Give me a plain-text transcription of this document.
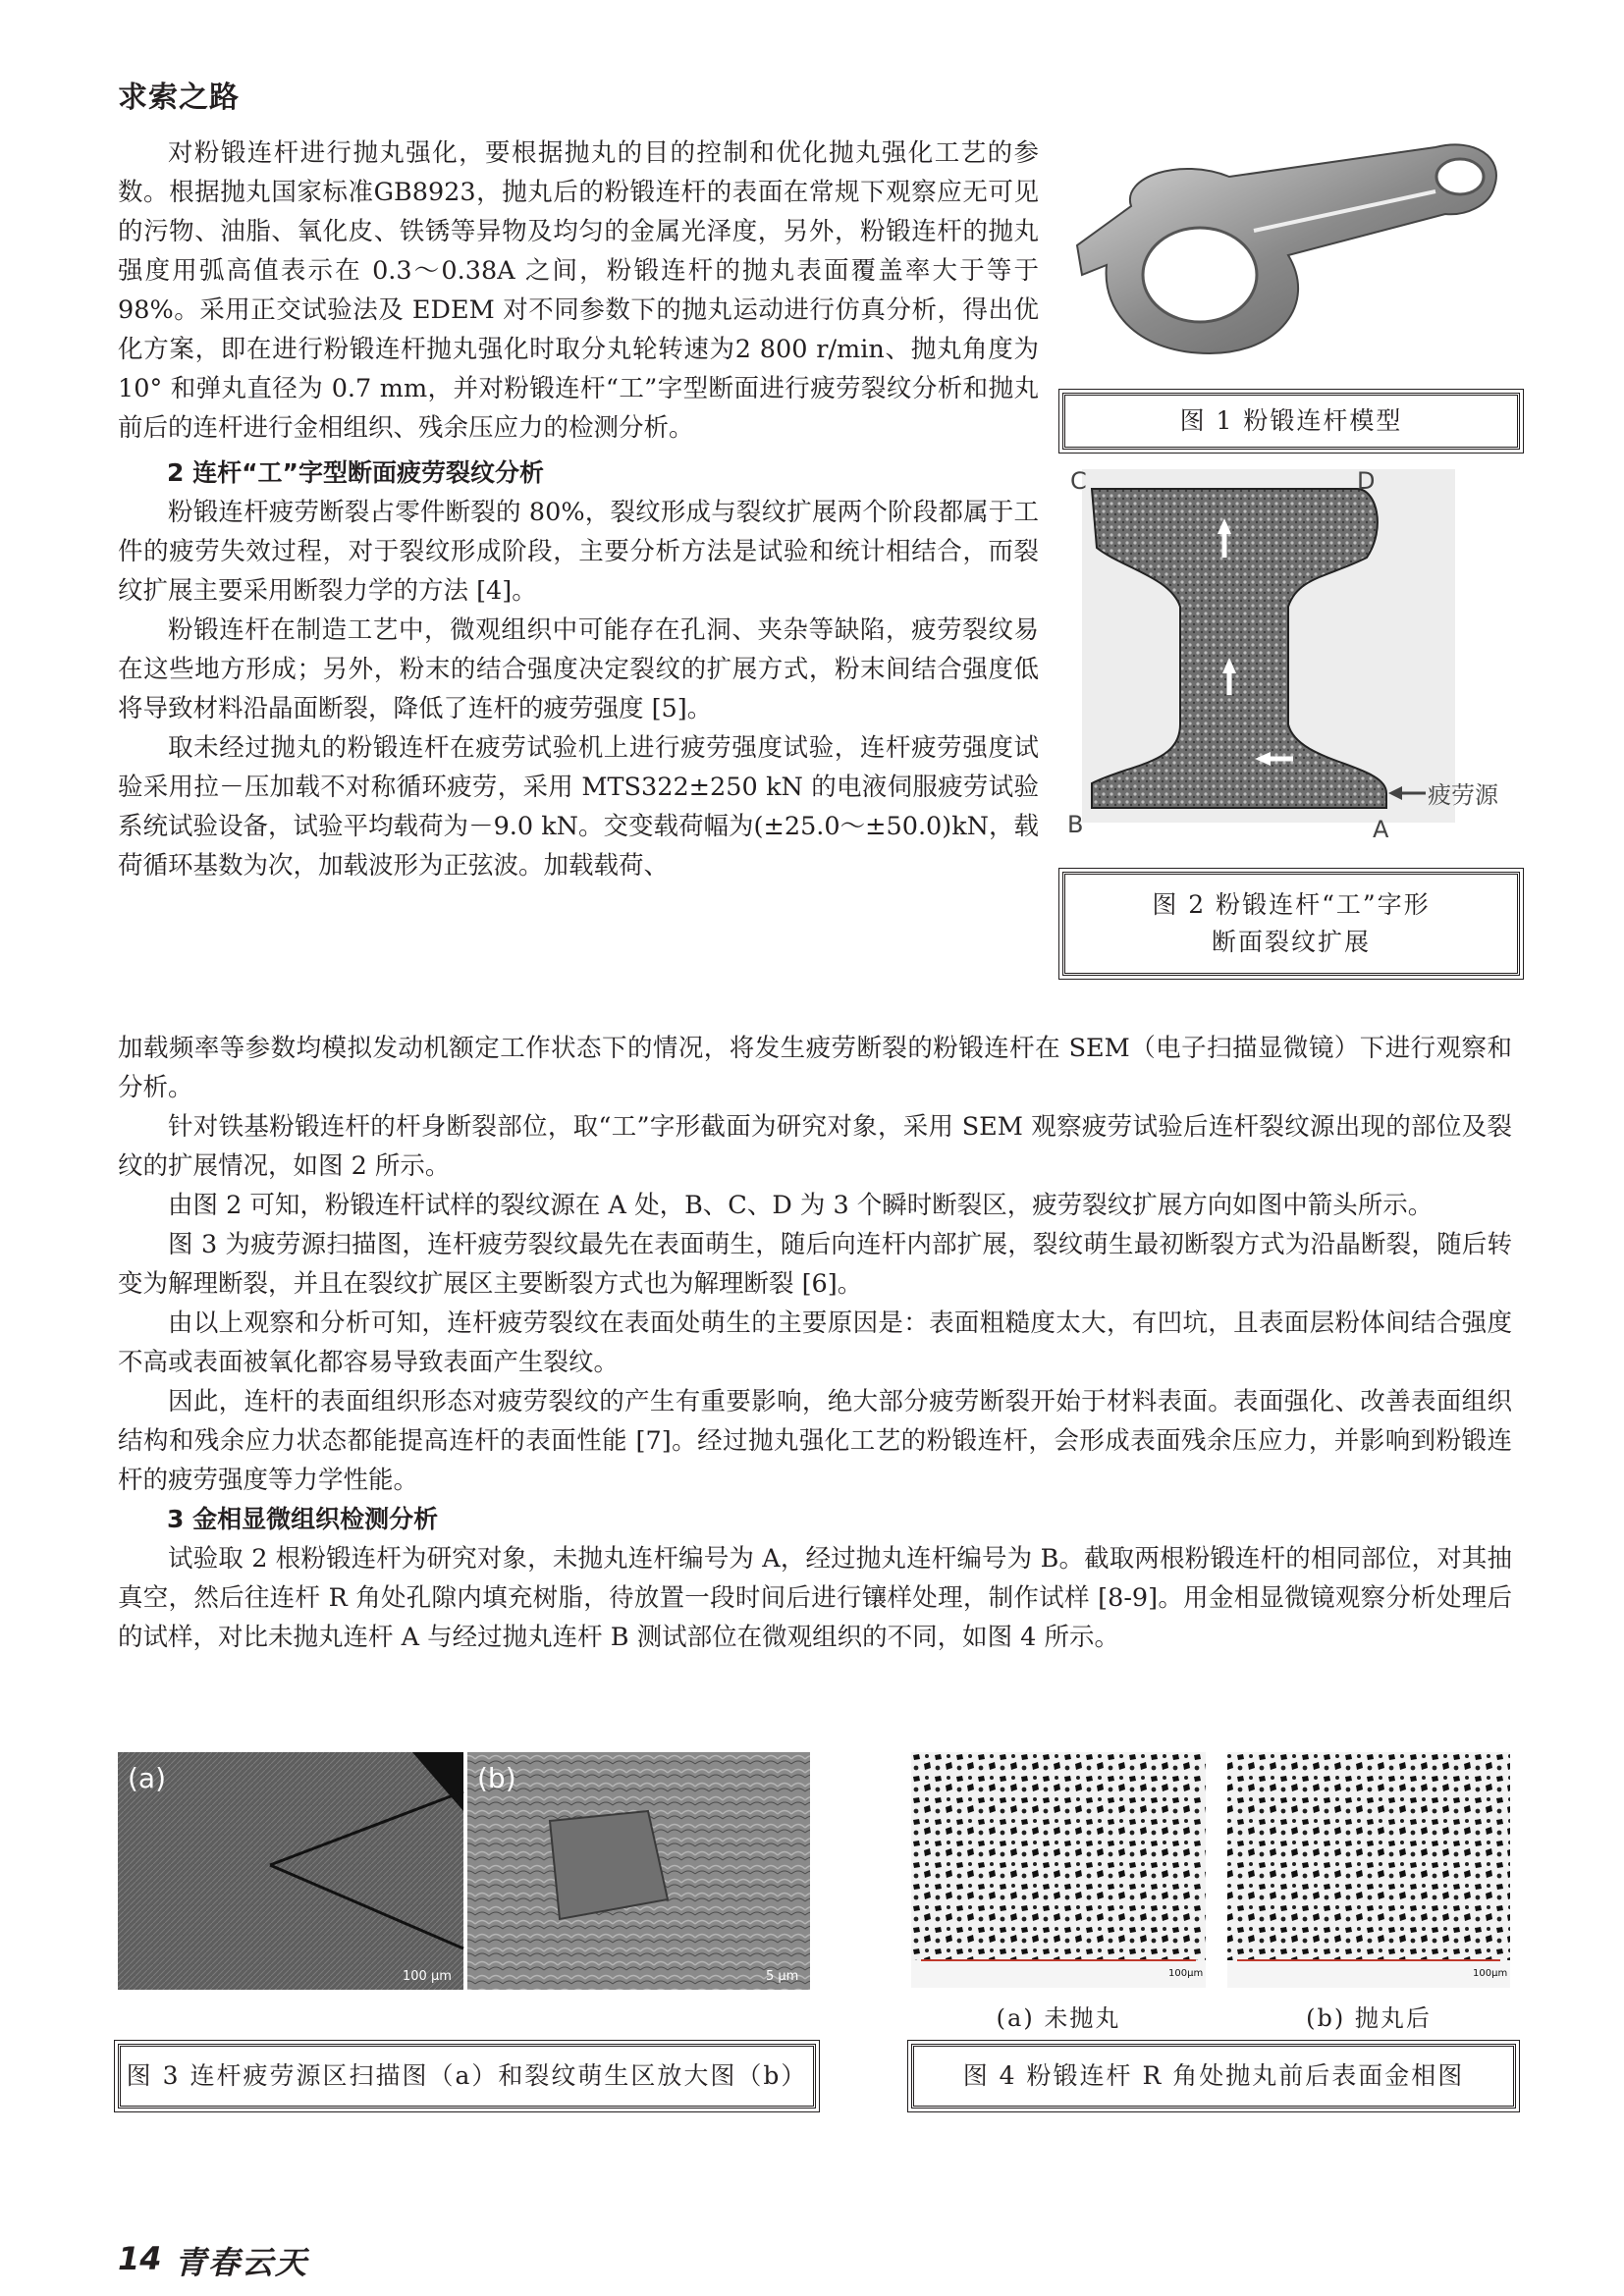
求索之路

对粉锻连杆进行抛丸强化，要根据抛丸的目的控制和优化抛丸强化工艺的参数。根据抛丸国家标准GB8923，抛丸后的粉锻连杆的表面在常规下观察应无可见的污物、油脂、氧化皮、铁锈等异物及均匀的金属光泽度，另外，粉锻连杆的抛丸强度用弧高值表示在 0.3～0.38A 之间，粉锻连杆的抛丸表面覆盖率大于等于 98%。采用正交试验法及 EDEM 对不同参数下的抛丸运动进行仿真分析，得出优化方案，即在进行粉锻连杆抛丸强化时取分丸轮转速为2 800 r/min、抛丸角度为 10° 和弹丸直径为 0.7 mm，并对粉锻连杆“工”字型断面进行疲劳裂纹分析和抛丸前后的连杆进行金相组织、残余压应力的检测分析。

2 连杆“工”字型断面疲劳裂纹分析

粉锻连杆疲劳断裂占零件断裂的 80%，裂纹形成与裂纹扩展两个阶段都属于工件的疲劳失效过程，对于裂纹形成阶段，主要分析方法是试验和统计相结合，而裂纹扩展主要采用断裂力学的方法 [4]。

粉锻连杆在制造工艺中，微观组织中可能存在孔洞、夹杂等缺陷，疲劳裂纹易在这些地方形成；另外，粉末的结合强度决定裂纹的扩展方式，粉末间结合强度低将导致材料沿晶面断裂，降低了连杆的疲劳强度 [5]。

取未经过抛丸的粉锻连杆在疲劳试验机上进行疲劳强度试验，连杆疲劳强度试验采用拉－压加载不对称循环疲劳，采用 MTS322±250 kN 的电液伺服疲劳试验系统试验设备，试验平均载荷为－9.0 kN。交变载荷幅为(±25.0～±50.0)kN，载荷循环基数为次，加载波形为正弦波。加载载荷、

加载频率等参数均模拟发动机额定工作状态下的情况，将发生疲劳断裂的粉锻连杆在 SEM（电子扫描显微镜）下进行观察和分析。

针对铁基粉锻连杆的杆身断裂部位，取“工”字形截面为研究对象，采用 SEM 观察疲劳试验后连杆裂纹源出现的部位及裂纹的扩展情况，如图 2 所示。

由图 2 可知，粉锻连杆试样的裂纹源在 A 处，B、C、D 为 3 个瞬时断裂区，疲劳裂纹扩展方向如图中箭头所示。

图 3 为疲劳源扫描图，连杆疲劳裂纹最先在表面萌生，随后向连杆内部扩展，裂纹萌生最初断裂方式为沿晶断裂，随后转变为解理断裂，并且在裂纹扩展区主要断裂方式也为解理断裂 [6]。

由以上观察和分析可知，连杆疲劳裂纹在表面处萌生的主要原因是：表面粗糙度太大，有凹坑，且表面层粉体间结合强度不高或表面被氧化都容易导致表面产生裂纹。

因此，连杆的表面组织形态对疲劳裂纹的产生有重要影响，绝大部分疲劳断裂开始于材料表面。表面强化、改善表面组织结构和残余应力状态都能提高连杆的表面性能 [7]。经过抛丸强化工艺的粉锻连杆，会形成表面残余压应力，并影响到粉锻连杆的疲劳强度等力学性能。

3 金相显微组织检测分析

试验取 2 根粉锻连杆为研究对象，未抛丸连杆编号为 A，经过抛丸连杆编号为 B。截取两根粉锻连杆的相同部位，对其抽真空，然后往连杆 R 角处孔隙内填充树脂，待放置一段时间后进行镶样处理，制作试样 [8-9]。用金相显微镜观察分析处理后的试样，对比未抛丸连杆 A 与经过抛丸连杆 B 测试部位在微观组织的不同，如图 4 所示。

图 1 粉锻连杆模型
C	D
B	A
疲劳源
图 2 粉锻连杆“工”字形
断面裂纹扩展
(a)	(b)
100 μm	5 μm
图 3 连杆疲劳源区扫描图（a）和裂纹萌生区放大图（b）
100μm	100μm
(a) 未抛丸	(b) 抛丸后
图 4 粉锻连杆 R 角处抛丸前后表面金相图
14 青春云天
